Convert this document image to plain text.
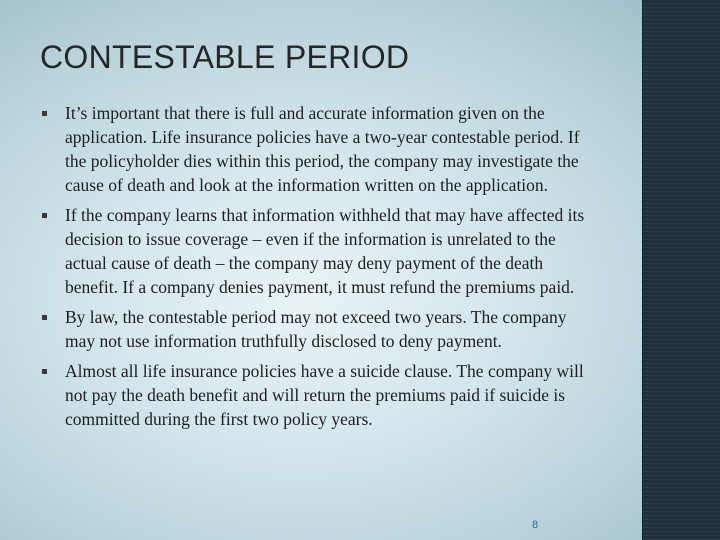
CONTESTABLE PERIOD
It’s important that there is full and accurate information given on the application. Life insurance policies have a two-year contestable period. If the policyholder dies within this period, the company may investigate the cause of death and look at the information written on the application.
If the company learns that information withheld that may have affected its decision to issue coverage – even if the information is unrelated to the actual cause of death – the company may deny payment of the death benefit. If a company denies payment, it must refund the premiums paid.
By law, the contestable period may not exceed two years. The company may not use information truthfully disclosed to deny payment.
Almost all life insurance policies have a suicide clause. The company will not pay the death benefit and will return the premiums paid if suicide is committed during the first two policy years.
8
